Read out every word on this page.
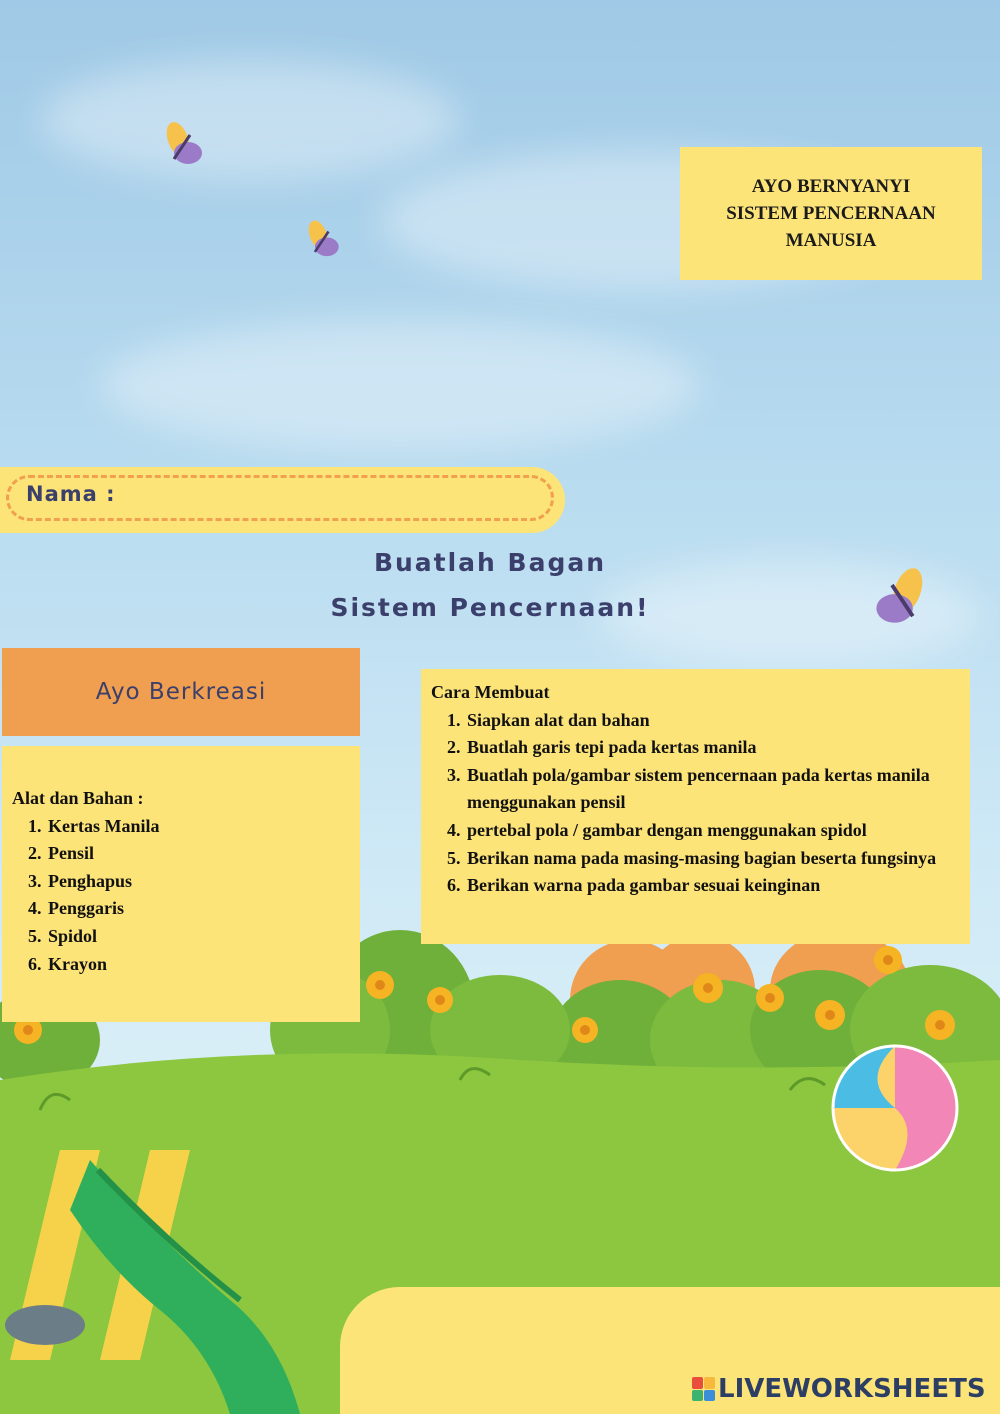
AYO BERNYANYI
SISTEM PENCERNAAN
MANUSIA
Nama :
Buatlah Bagan
Sistem Pencernaan!
Ayo Berkreasi
Alat dan Bahan :
1. Kertas Manila
2. Pensil
3. Penghapus
4. Penggaris
5. Spidol
6. Krayon
Cara Membuat
1. Siapkan alat dan bahan
2. Buatlah garis tepi pada kertas manila
3. Buatlah pola/gambar sistem pencernaan pada kertas manila menggunakan pensil
4. pertebal pola / gambar dengan menggunakan spidol
5. Berikan nama pada masing-masing bagian beserta fungsinya
6. Berikan warna pada gambar sesuai keinginan
LIVEWORKSHEETS
